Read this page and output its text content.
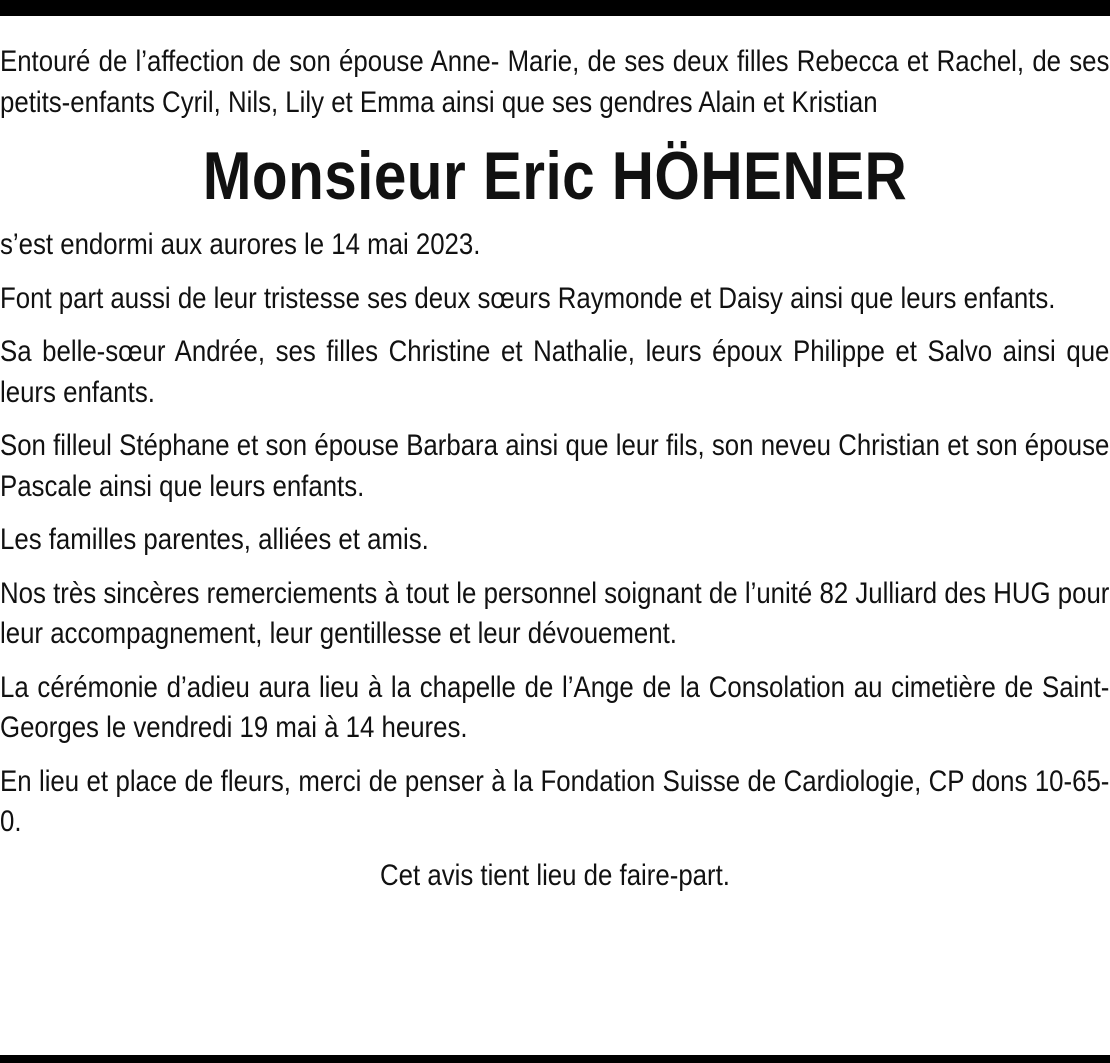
Entouré de l’affection de son épouse Anne- Marie, de ses deux filles Rebecca et Rachel, de ses petits-enfants Cyril, Nils, Lily et Emma ainsi que ses gendres Alain et Kristian

Monsieur Eric HÖHENER

s’est endormi aux aurores le 14 mai 2023.

Font part aussi de leur tristesse ses deux sœurs Raymonde et Daisy ainsi que leurs enfants.

Sa belle-sœur Andrée, ses filles Christine et Nathalie, leurs époux Philippe et Salvo ainsi que leurs enfants.

Son filleul Stéphane et son épouse Barbara ainsi que leur fils, son neveu Christian et son épouse Pascale ainsi que leurs enfants.

Les familles parentes, alliées et amis.

Nos très sincères remerciements à tout le personnel soignant de l’unité 82 Julliard des HUG pour leur accompagnement, leur gentillesse et leur dévouement.

La cérémonie d’adieu aura lieu à la chapelle de l’Ange de la Consolation au cimetière de Saint-Georges le vendredi 19 mai à 14 heures.

En lieu et place de fleurs, merci de penser à la Fondation Suisse de Cardiologie, CP dons 10-65-0.

Cet avis tient lieu de faire-part.
